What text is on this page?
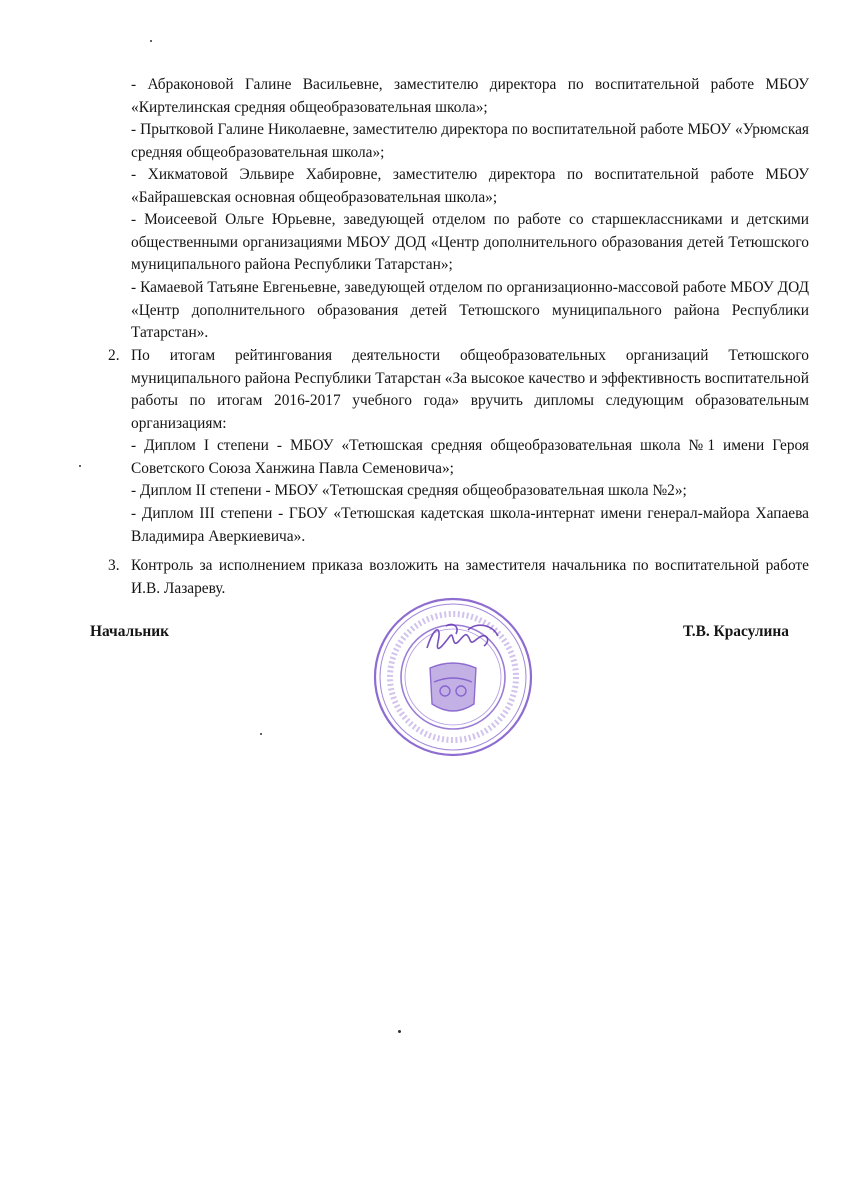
- Абраконовой Галине Васильевне, заместителю директора по воспитательной работе МБОУ «Киртелинская средняя общеобразовательная школа»;
- Прытковой Галине Николаевне, заместителю директора по воспитательной работе МБОУ «Урюмская средняя общеобразовательная школа»;
- Хикматовой Эльвире Хабировне, заместителю директора по воспитательной работе МБОУ «Байрашевская основная общеобразовательная школа»;
- Моисеевой Ольге Юрьевне, заведующей отделом по работе со старшеклассниками и детскими общественными организациями МБОУ ДОД «Центр дополнительного образования детей Тетюшского муниципального района Республики Татарстан»;
- Камаевой Татьяне Евгеньевне, заведующей отделом по организационно-массовой работе МБОУ ДОД «Центр дополнительного образования детей Тетюшского муниципального района Республики Татарстан».
2. По итогам рейтингования деятельности общеобразовательных организаций Тетюшского муниципального района Республики Татарстан «За высокое качество и эффективность воспитательной работы по итогам 2016-2017 учебного года» вручить дипломы следующим образовательным организациям:
- Диплом I степени - МБОУ «Тетюшская средняя общеобразовательная школа №1 имени Героя Советского Союза Ханжина Павла Семеновича»;
- Диплом II степени - МБОУ «Тетюшская средняя общеобразовательная школа №2»;
- Диплом III степени - ГБОУ «Тетюшская кадетская школа-интернат имени генерал-майора Хапаева Владимира Аверкиевича».
3. Контроль за исполнением приказа возложить на заместителя начальника по воспитательной работе И.В. Лазареву.
Начальник	Т.В. Красулина
